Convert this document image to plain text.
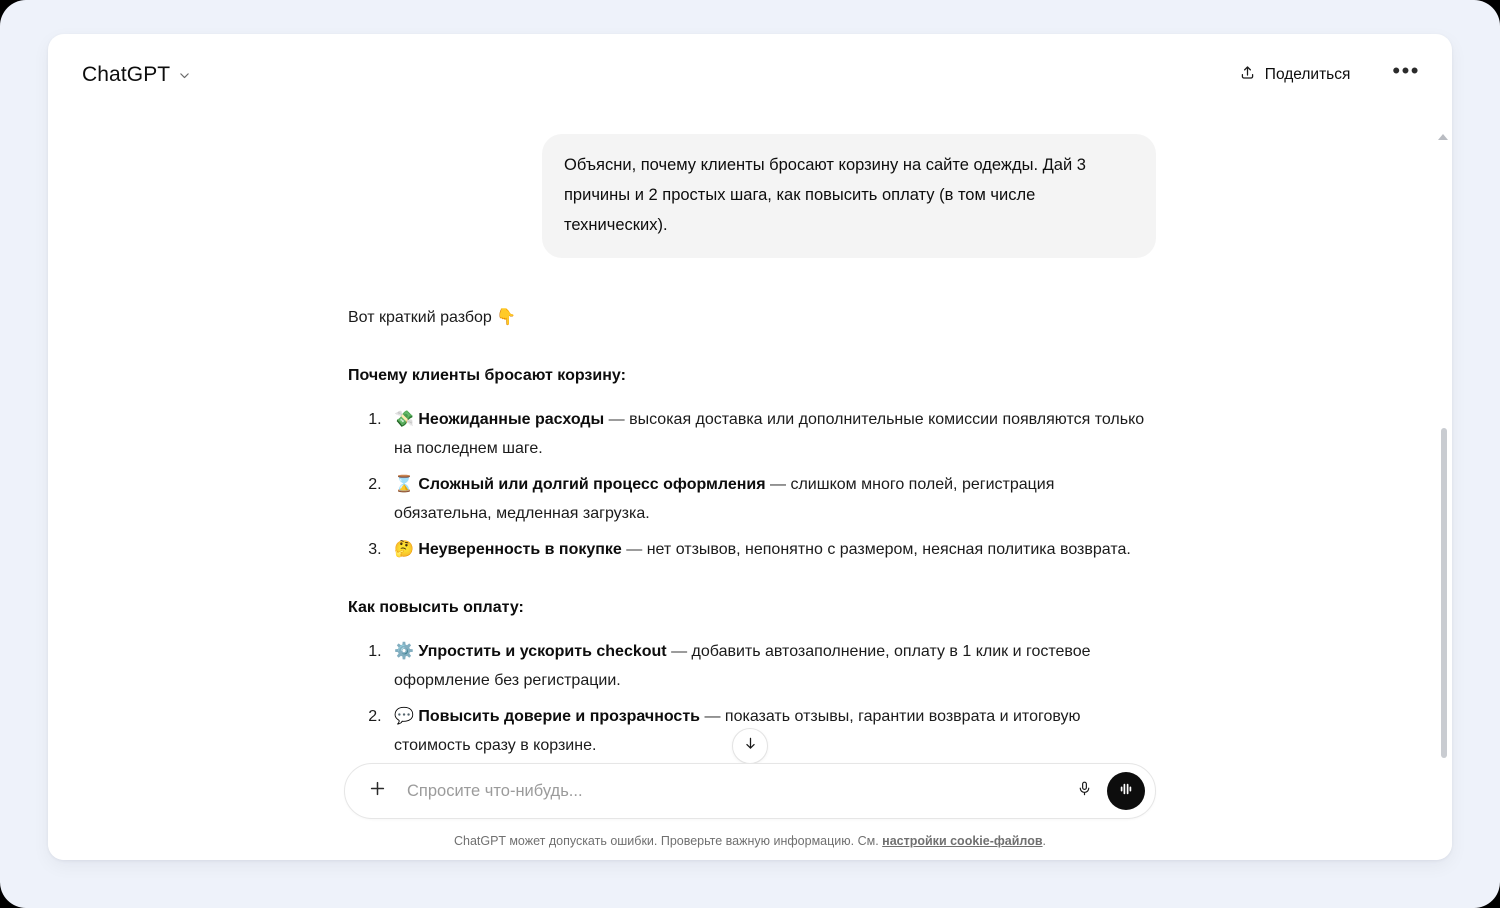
ChatGPT	Поделиться •••
Объясни, почему клиенты бросают корзину на сайте одежды. Дай 3 причины и 2 простых шага, как повысить оплату (в том числе технических).
Вот краткий разбор 👇
Почему клиенты бросают корзину:
1. 💸 Неожиданные расходы — высокая доставка или дополнительные комиссии появляются только на последнем шаге.
2. ⌛ Сложный или долгий процесс оформления — слишком много полей, регистрация обязательна, медленная загрузка.
3. 🤔 Неуверенность в покупке — нет отзывов, непонятно с размером, неясная политика возврата.
Как повысить оплату:
1. ⚙️ Упростить и ускорить checkout — добавить автозаполнение, оплату в 1 клик и гостевое оформление без регистрации.
2. 💬 Повысить доверие и прозрачность — показать отзывы, гарантии возврата и итоговую стоимость сразу в корзине.
Спросите что-нибудь...
ChatGPT может допускать ошибки. Проверьте важную информацию. См. настройки cookie-файлов.
